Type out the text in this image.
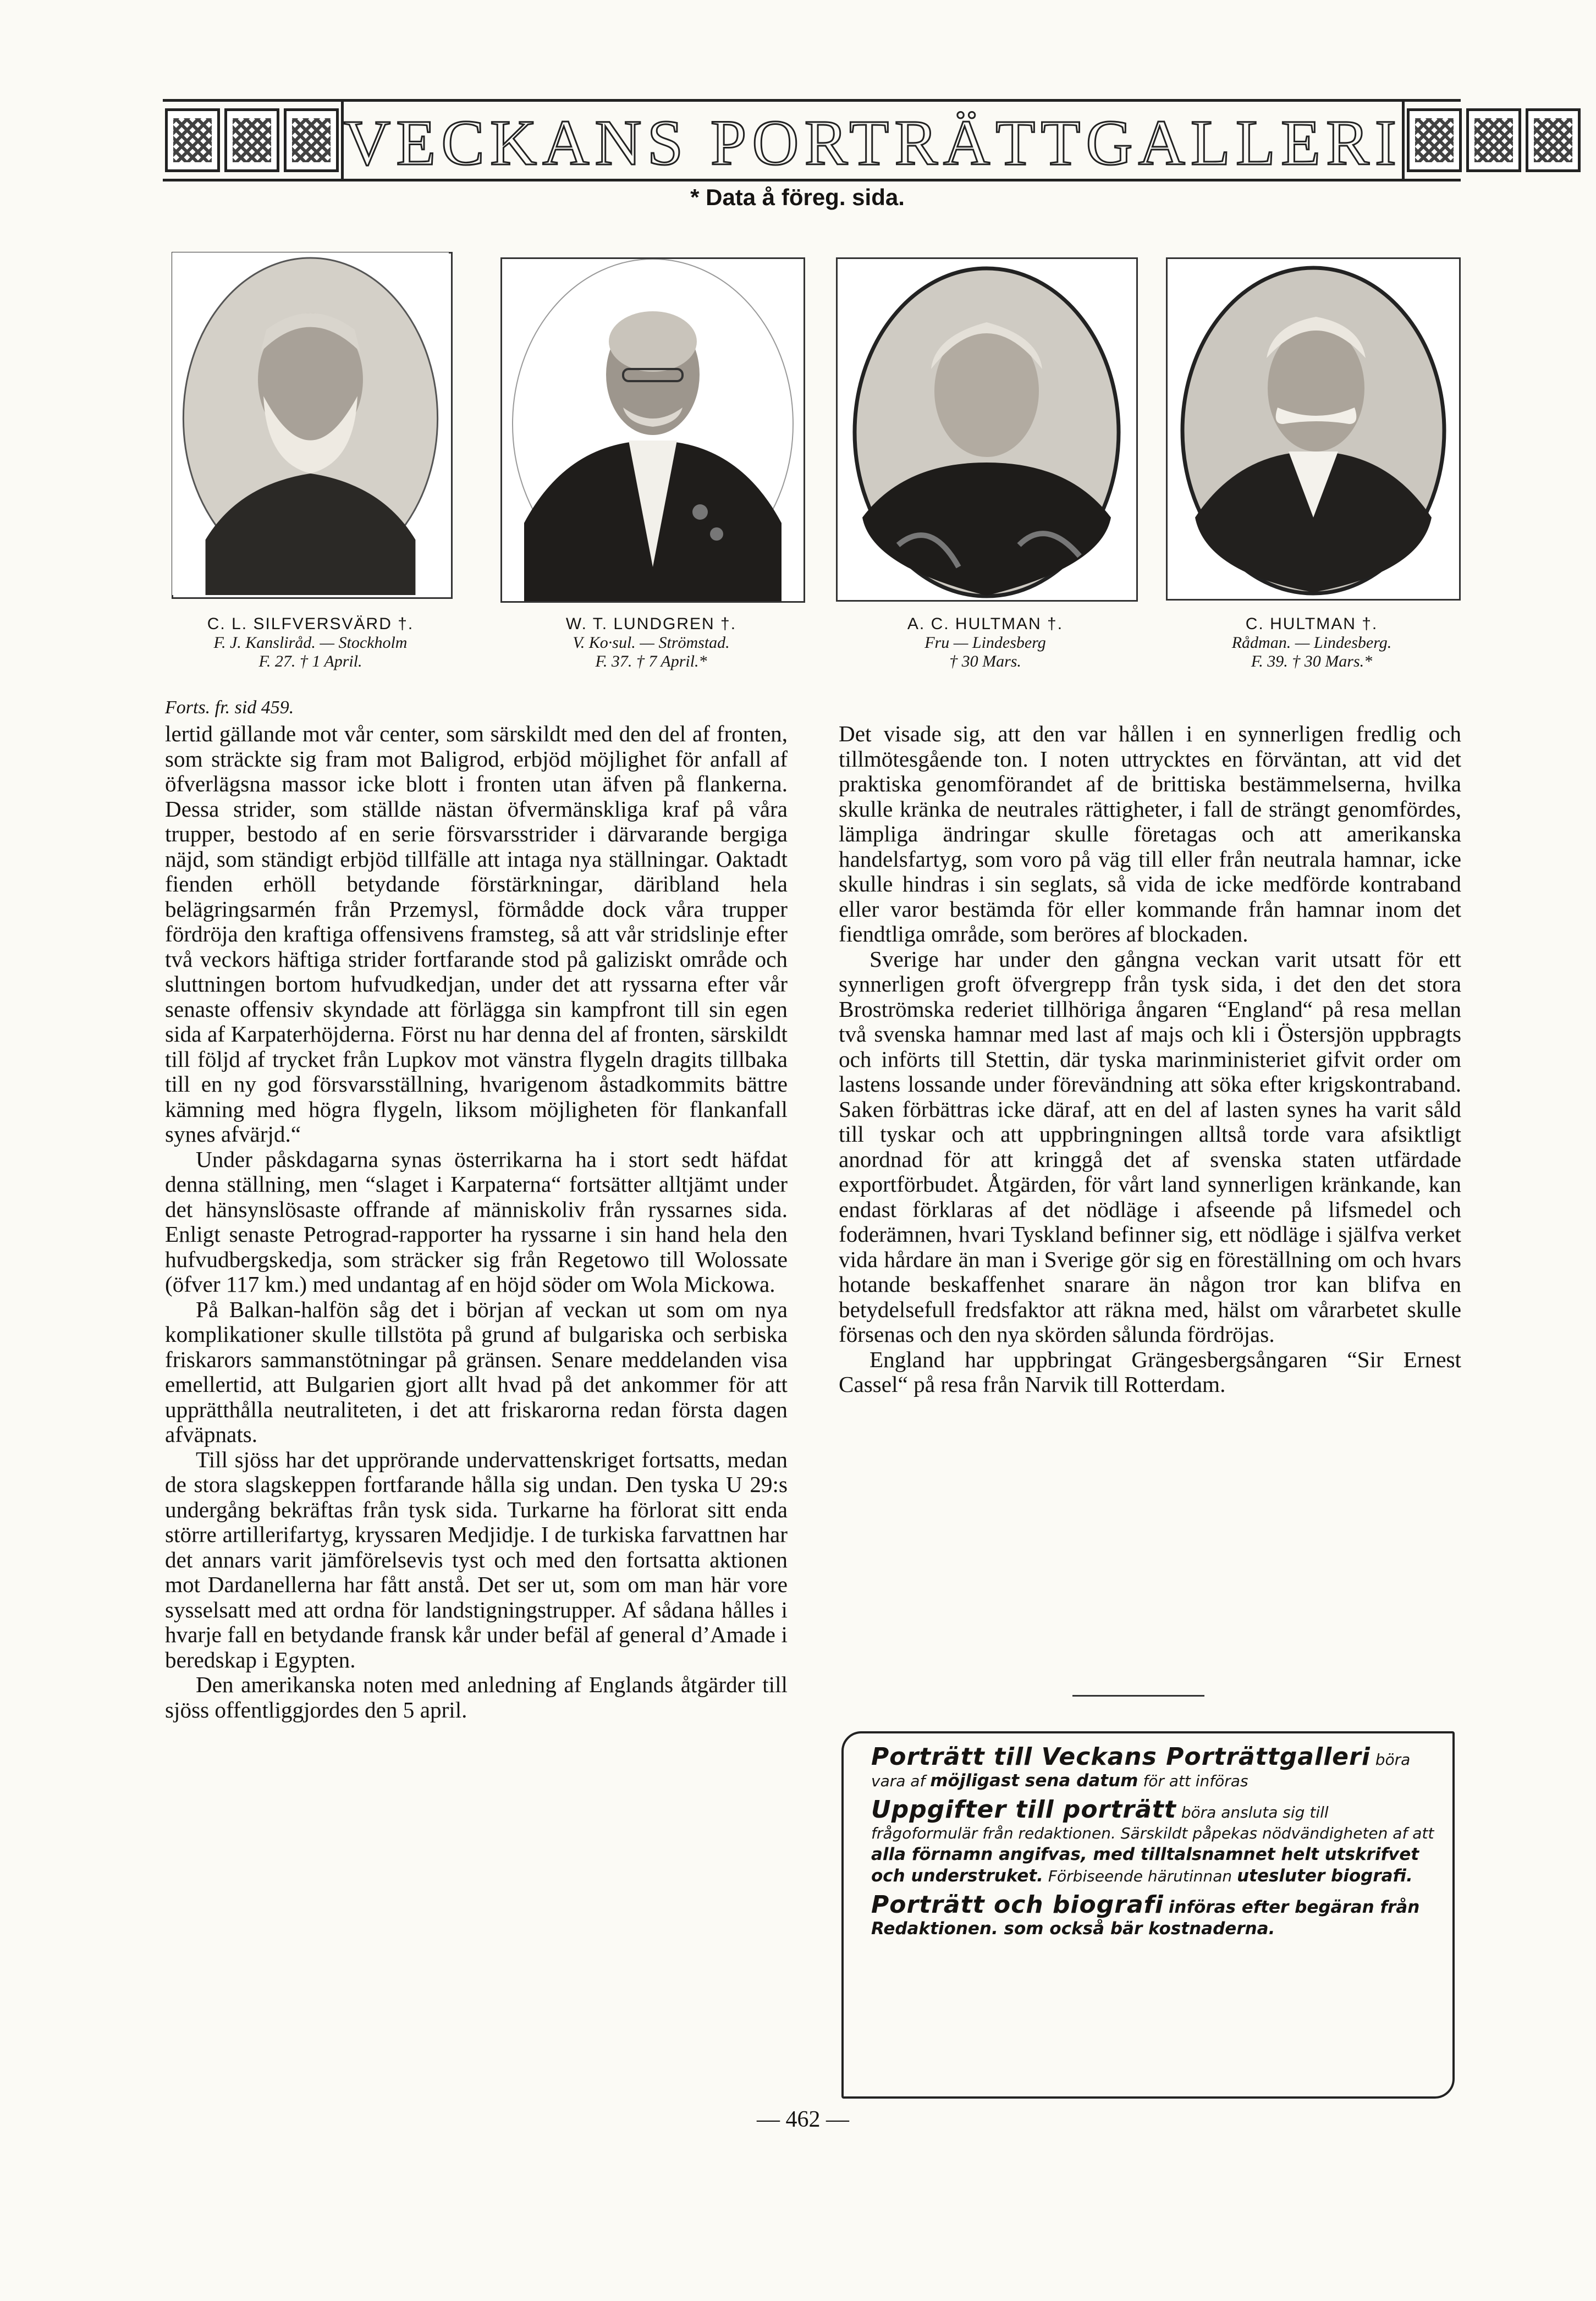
VECKANS PORTRÄTTGALLERI
* Data å föreg. sida.
C. L. SILFVERSVÄRD †.
F. J. Kansliråd. — Stockholm
F. 27. † 1 April.
W. T. LUNDGREN †.
V. Ko·sul. — Strömstad.
F. 37. † 7 April.*
A. C. HULTMAN †.
Fru — Lindesberg
† 30 Mars.
C. HULTMAN †.
Rådman. — Lindesberg.
F. 39. † 30 Mars.*
Forts. fr. sid 459.

lertid gällande mot vår center, som särskildt med den del af fronten, som sträckte sig fram mot Baligrod, erbjöd möjlighet för anfall af öfverlägsna massor icke blott i fronten utan äfven på flankerna. Dessa strider, som ställde nästan öfvermänskliga kraf på våra trupper, bestodo af en serie försvarsstrider i därvarande bergiga näjd, som ständigt erbjöd tillfälle att intaga nya ställningar. Oaktadt fienden erhöll betydande förstärkningar, däribland hela belägringsarmén från Przemysl, förmådde dock våra trupper fördröja den kraftiga offensivens framsteg, så att vår stridslinje efter två veckors häftiga strider fortfarande stod på galiziskt område och sluttningen bortom hufvudkedjan, under det att ryssarna efter vår senaste offensiv skyndade att förlägga sin kampfront till sin egen sida af Karpaterhöjderna. Först nu har denna del af fronten, särskildt till följd af trycket från Lupkov mot vänstra flygeln dragits tillbaka till en ny god försvarsställning, hvarigenom åstadkommits bättre kämning med högra flygeln, liksom möjligheten för flankanfall synes afvärjd.“

Under påskdagarna synas österrikarna ha i stort sedt häfdat denna ställning, men “slaget i Karpaterna“ fortsätter alltjämt under det hänsynslösaste offrande af människoliv från ryssarnes sida. Enligt senaste Petrograd-rapporter ha ryssarne i sin hand hela den hufvudbergskedja, som sträcker sig från Regetowo till Wolossate (öfver 117 km.) med undantag af en höjd söder om Wola Mickowa.

På Balkan-halfön såg det i början af veckan ut som om nya komplikationer skulle tillstöta på grund af bulgariska och serbiska friskarors sammanstötningar på gränsen. Senare meddelanden visa emellertid, att Bulgarien gjort allt hvad på det ankommer för att upprätthålla neutraliteten, i det att friskarorna redan första dagen afväpnats.

Till sjöss har det upprörande undervattenskriget fortsatts, medan de stora slagskeppen fortfarande hålla sig undan. Den tyska U 29:s undergång bekräftas från tysk sida. Turkarne ha förlorat sitt enda större artillerifartyg, kryssaren Medjidje. I de turkiska farvattnen har det annars varit jämförelsevis tyst och med den fortsatta aktionen mot Dardanellerna har fått anstå. Det ser ut, som om man här vore sysselsatt med att ordna för landstigningstrupper. Af sådana hålles i hvarje fall en betydande fransk kår under befäl af general d’Amade i beredskap i Egypten.

Den amerikanska noten med anledning af Englands åtgärder till sjöss offentliggjordes den 5 april.

Det visade sig, att den var hållen i en synnerligen fredlig och tillmötesgående ton. I noten uttrycktes en förväntan, att vid det praktiska genomförandet af de brittiska bestämmelserna, hvilka skulle kränka de neutrales rättigheter, i fall de strängt genomfördes, lämpliga ändringar skulle företagas och att amerikanska handelsfartyg, som voro på väg till eller från neutrala hamnar, icke skulle hindras i sin seglats, så vida de icke medförde kontraband eller varor bestämda för eller kommande från hamnar inom det fiendtliga område, som beröres af blockaden.

Sverige har under den gångna veckan varit utsatt för ett synnerligen groft öfvergrepp från tysk sida, i det den det stora Broströmska rederiet tillhöriga ångaren “England“ på resa mellan två svenska hamnar med last af majs och kli i Östersjön uppbragts och införts till Stettin, där tyska marinministeriet gifvit order om lastens lossande under förevändning att söka efter krigskontraband. Saken förbättras icke däraf, att en del af lasten synes ha varit såld till tyskar och att uppbringningen alltså torde vara afsiktligt anordnad för att kringgå det af svenska staten utfärdade exportförbudet. Åtgärden, för vårt land synnerligen kränkande, kan endast förklaras af det nödläge i afseende på lifsmedel och foderämnen, hvari Tyskland befinner sig, ett nödläge i själfva verket vida hårdare än man i Sverige gör sig en föreställning om och hvars hotande beskaffenhet snarare än någon tror kan blifva en betydelsefull fredsfaktor att räkna med, hälst om vårarbetet skulle försenas och den nya skörden sålunda fördröjas.

England har uppbringat Grängesbergsångaren “Sir Ernest Cassel“ på resa från Narvik till Rotterdam.

Porträtt till Veckans Porträttgalleri böra vara af möjligast sena datum för att införas

Uppgifter till porträtt böra ansluta sig till frågoformulär från redaktionen. Särskildt påpekas nödvändigheten af att alla förnamn angifvas, med tilltalsnamnet helt utskrifvet och understruket. Förbiseende härutinnan utesluter biografi.

Porträtt och biografi införas efter begäran från Redaktionen. som också bär kostnaderna.

— 462 —
